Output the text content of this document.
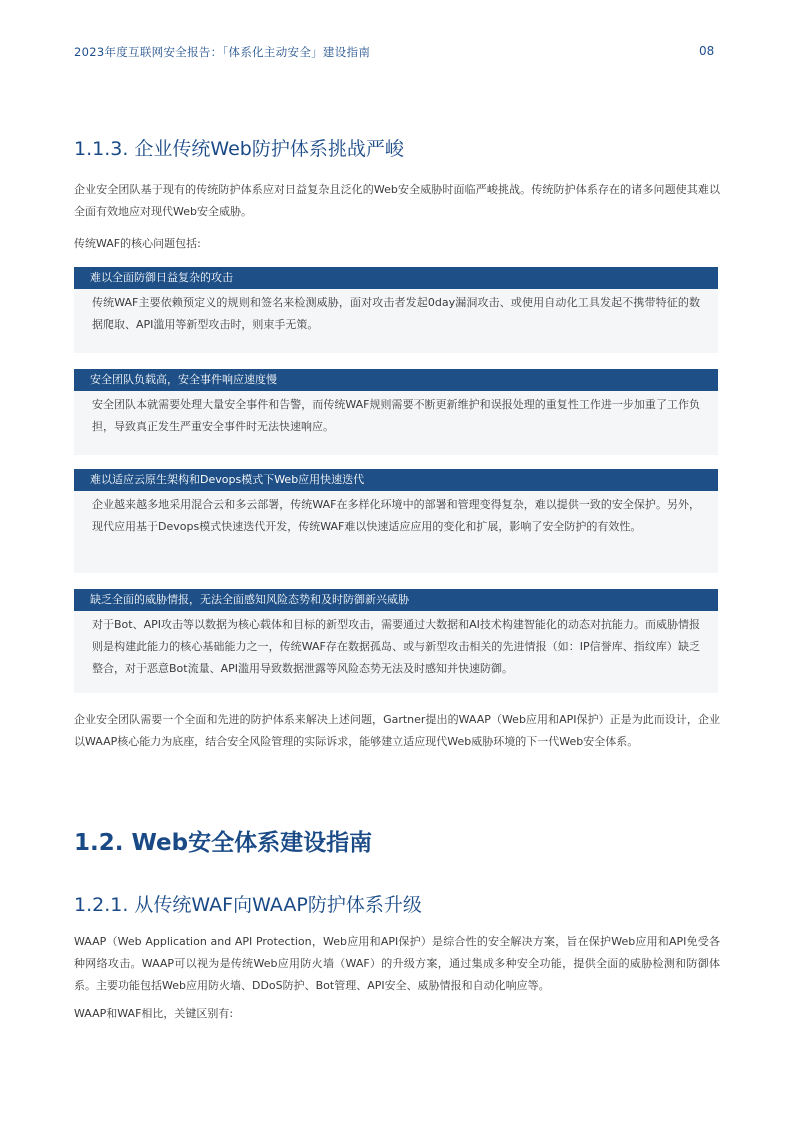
2023年度互联网安全报告：「体系化主动安全」建设指南	08
1.1.3. 企业传统Web防护体系挑战严峻

企业安全团队基于现有的传统防护体系应对日益复杂且泛化的Web安全威胁时面临严峻挑战。传统防护体系存在的诸多问题使其难以全面有效地应对现代Web安全威胁。

传统WAF的核心问题包括:

难以全面防御日益复杂的攻击
传统WAF主要依赖预定义的规则和签名来检测威胁，面对攻击者发起0day漏洞攻击、或使用自动化工具发起不携带特征的数据爬取、API滥用等新型攻击时，则束手无策。
安全团队负载高，安全事件响应速度慢
安全团队本就需要处理大量安全事件和告警，而传统WAF规则需要不断更新维护和误报处理的重复性工作进一步加重了工作负担，导致真正发生严重安全事件时无法快速响应。
难以适应云原生架构和Devops模式下Web应用快速迭代
企业越来越多地采用混合云和多云部署，传统WAF在多样化环境中的部署和管理变得复杂，难以提供一致的安全保护。另外，现代应用基于Devops模式快速迭代开发，传统WAF难以快速适应应用的变化和扩展，影响了安全防护的有效性。
缺乏全面的威胁情报，无法全面感知风险态势和及时防御新兴威胁
对于Bot、API攻击等以数据为核心载体和目标的新型攻击，需要通过大数据和AI技术构建智能化的动态对抗能力。而威胁情报则是构建此能力的核心基础能力之一，传统WAF存在数据孤岛、或与新型攻击相关的先进情报（如：IP信誉库、指纹库）缺乏整合，对于恶意Bot流量、API滥用导致数据泄露等风险态势无法及时感知并快速防御。

企业安全团队需要一个全面和先进的防护体系来解决上述问题，Gartner提出的WAAP（Web应用和API保护）正是为此而设计，企业以WAAP核心能力为底座，结合安全风险管理的实际诉求，能够建立适应现代Web威胁环境的下一代Web安全体系。

1.2. Web安全体系建设指南
1.2.1. 从传统WAF向WAAP防护体系升级

WAAP（Web Application and API Protection，Web应用和API保护）是综合性的安全解决方案，旨在保护Web应用和API免受各种网络攻击。WAAP可以视为是传统Web应用防火墙（WAF）的升级方案，通过集成多种安全功能，提供全面的威胁检测和防御体系。主要功能包括Web应用防火墙、DDoS防护、Bot管理、API安全、威胁情报和自动化响应等。

WAAP和WAF相比，关键区别有:
